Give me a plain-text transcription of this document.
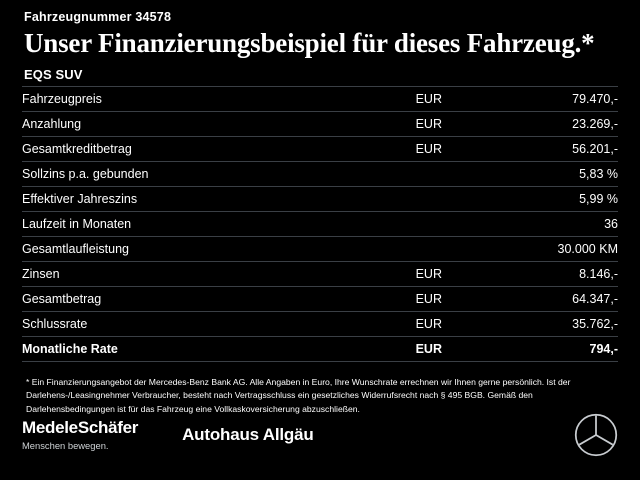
Fahrzeugnummer 34578
Unser Finanzierungsbeispiel für dieses Fahrzeug.*
EQS SUV
Fahrzeugpreis	EUR	79.470,-
Anzahlung	EUR	23.269,-
Gesamtkreditbetrag	EUR	56.201,-
Sollzins p.a. gebunden		5,83 %
Effektiver Jahreszins		5,99 %
Laufzeit in Monaten		36
Gesamtlaufleistung		30.000 KM
Zinsen	EUR	8.146,-
Gesamtbetrag	EUR	64.347,-
Schlussrate	EUR	35.762,-
Monatliche Rate	EUR	794,-
* Ein Finanzierungsangebot der Mercedes-Benz Bank AG. Alle Angaben in Euro, Ihre Wunschrate errechnen wir Ihnen gerne persönlich. Ist der Darlehens-/Leasingnehmer Verbraucher, besteht nach Vertragsschluss ein gesetzliches Widerrufsrecht nach § 495 BGB. Gemäß den Darlehensbedingungen ist für das Fahrzeug eine Vollkaskoversicherung abzuschließen.
MedeleSchäfer
Menschen bewegen.
Autohaus Allgäu
